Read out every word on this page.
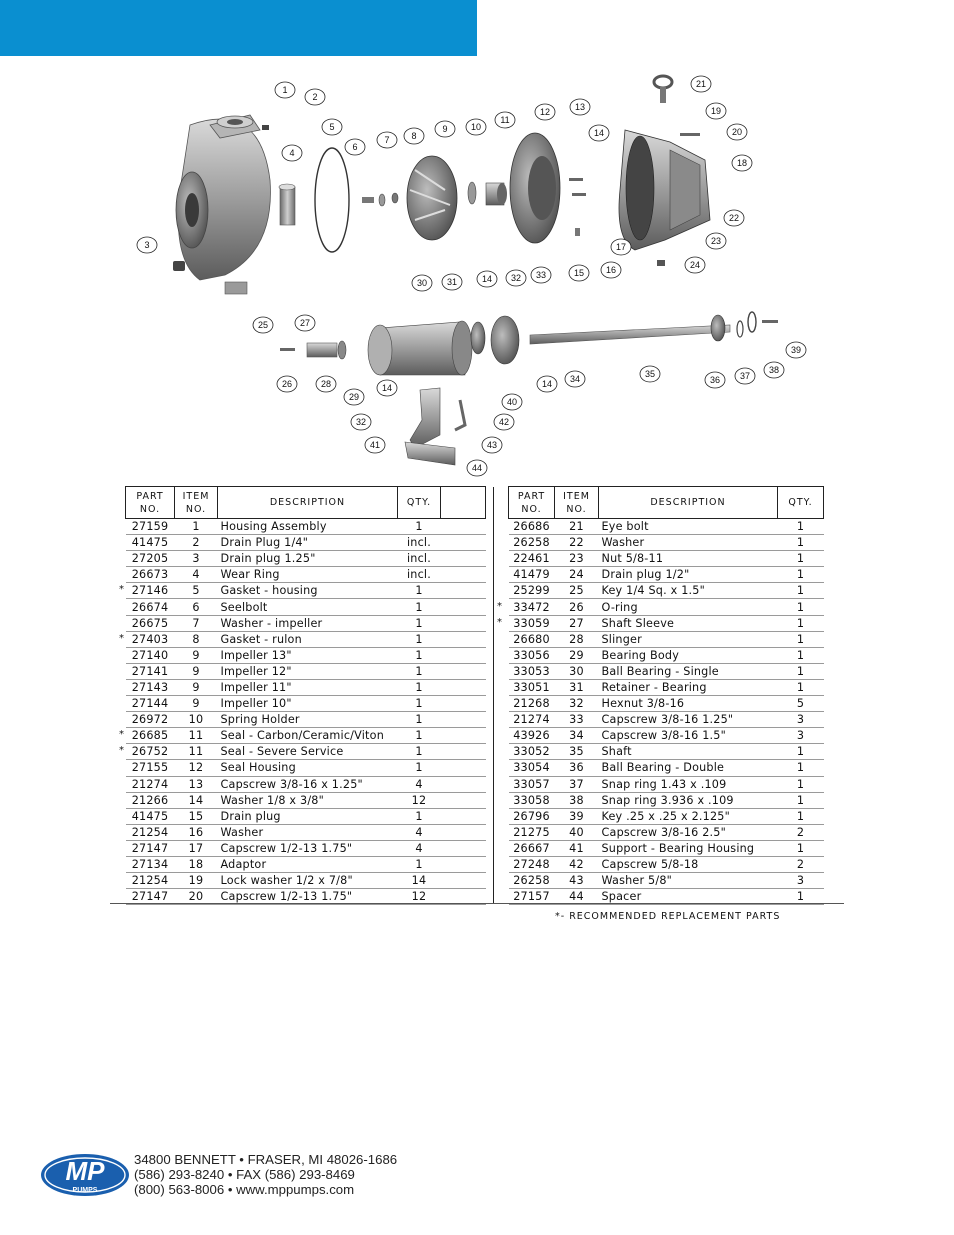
1
2
3
4
5
6
7 8
9	10
11
12	13
14
15 16
17
18
19
20
21
22
23
24
25
26
27
28
29
30 31	32 33
14
14 34	35
36 37
38
39
14
32
40
41
42
43
44
PART NO.	ITEM NO.	DESCRIPTION	QTY.	
27159	1	Housing Assembly	1	
41475	2	Drain Plug 1/4"	incl.	
27205	3	Drain plug 1.25"	incl.	
26673	4	Wear Ring	incl.	
27146	5	Gasket - housing	1	
26674	6	Seelbolt	1	
26675	7	Washer - impeller	1	
27403	8	Gasket - rulon	1	
27140	9	Impeller 13"	1	
27141	9	Impeller 12"	1	
27143	9	Impeller 11"	1	
27144	9	Impeller 10"	1	
26972	10	Spring Holder	1	
26685	11	Seal - Carbon/Ceramic/Viton	1	
26752	11	Seal - Severe Service	1	
27155	12	Seal Housing	1	
21274	13	Capscrew 3/8-16 x 1.25"	4	
21266	14	Washer 1/8 x 3/8"	12	
41475	15	Drain plug	1	
21254	16	Washer	4	
27147	17	Capscrew 1/2-13 1.75"	4	
27134	18	Adaptor	1	
21254	19	Lock washer 1/2 x 7/8"	14	
27147	20	Capscrew 1/2-13 1.75"	12	
PART NO.	ITEM NO.	DESCRIPTION	QTY.
26686	21	Eye bolt	1
26258	22	Washer	1
22461	23	Nut 5/8-11	1
41479	24	Drain plug 1/2"	1
25299	25	Key 1/4 Sq. x 1.5"	1
33472	26	O-ring	1
33059	27	Shaft Sleeve	1
26680	28	Slinger	1
33056	29	Bearing Body	1
33053	30	Ball Bearing - Single	1
33051	31	Retainer - Bearing	1
21268	32	Hexnut 3/8-16	5
21274	33	Capscrew 3/8-16 1.25"	3
43926	34	Capscrew 3/8-16 1.5"	3
33052	35	Shaft	1
33054	36	Ball Bearing - Double	1
33057	37	Snap ring 1.43 x .109	1
33058	38	Snap ring 3.936 x .109	1
26796	39	Key .25 x .25 x 2.125"	1
21275	40	Capscrew 3/8-16 2.5"	2
26667	41	Support - Bearing Housing	1
27248	42	Capscrew 5/8-18	2
26258	43	Washer 5/8"	3
27157	44	Spacer	1
*- RECOMMENDED REPLACEMENT PARTS
MP
PUMPS
34800 BENNETT • FRASER, MI 48026-1686
(586) 293-8240 • FAX (586) 293-8469
(800) 563-8006 • www.mppumps.com
*
*
*
*
*
*
